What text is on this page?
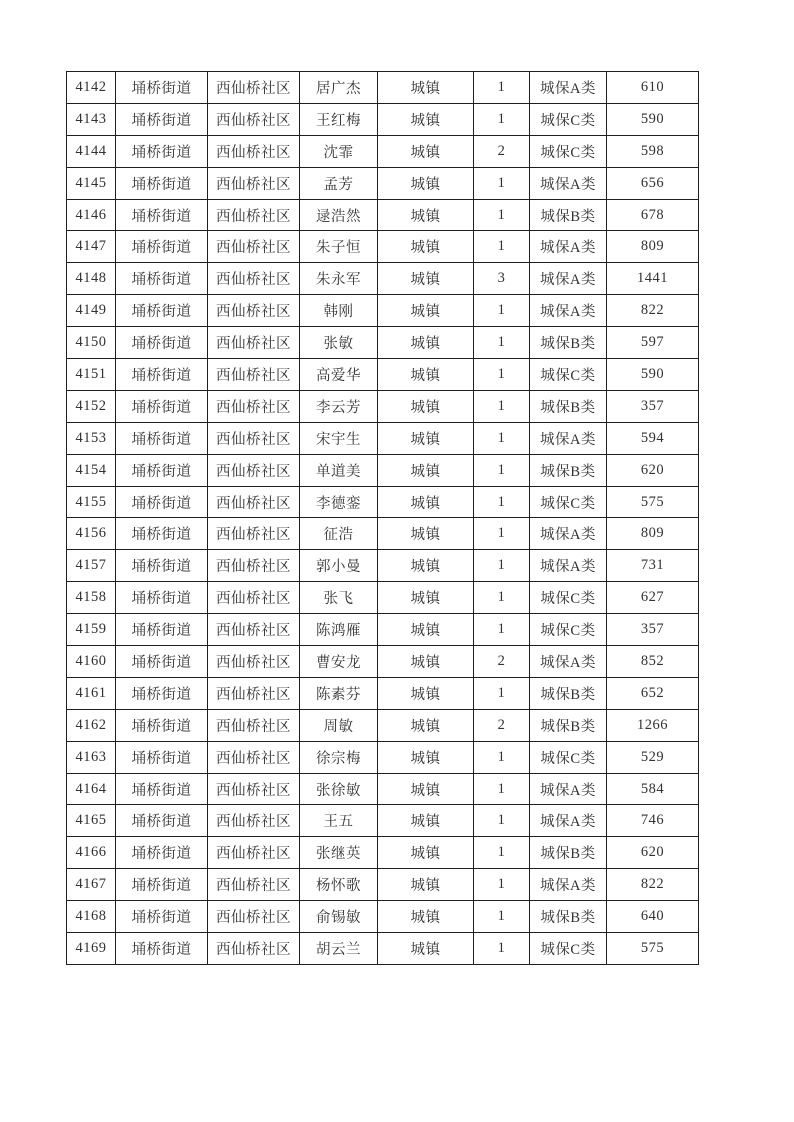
4142	埇桥街道	西仙桥社区	居广杰	城镇	1	城保A类	610
4143	埇桥街道	西仙桥社区	王红梅	城镇	1	城保C类	590
4144	埇桥街道	西仙桥社区	沈霏	城镇	2	城保C类	598
4145	埇桥街道	西仙桥社区	孟芳	城镇	1	城保A类	656
4146	埇桥街道	西仙桥社区	逯浩然	城镇	1	城保B类	678
4147	埇桥街道	西仙桥社区	朱子恒	城镇	1	城保A类	809
4148	埇桥街道	西仙桥社区	朱永军	城镇	3	城保A类	1441
4149	埇桥街道	西仙桥社区	韩刚	城镇	1	城保A类	822
4150	埇桥街道	西仙桥社区	张敏	城镇	1	城保B类	597
4151	埇桥街道	西仙桥社区	高爱华	城镇	1	城保C类	590
4152	埇桥街道	西仙桥社区	李云芳	城镇	1	城保B类	357
4153	埇桥街道	西仙桥社区	宋宇生	城镇	1	城保A类	594
4154	埇桥街道	西仙桥社区	单道美	城镇	1	城保B类	620
4155	埇桥街道	西仙桥社区	李德銮	城镇	1	城保C类	575
4156	埇桥街道	西仙桥社区	征浩	城镇	1	城保A类	809
4157	埇桥街道	西仙桥社区	郭小曼	城镇	1	城保A类	731
4158	埇桥街道	西仙桥社区	张飞	城镇	1	城保C类	627
4159	埇桥街道	西仙桥社区	陈鸿雁	城镇	1	城保C类	357
4160	埇桥街道	西仙桥社区	曹安龙	城镇	2	城保A类	852
4161	埇桥街道	西仙桥社区	陈素芬	城镇	1	城保B类	652
4162	埇桥街道	西仙桥社区	周敏	城镇	2	城保B类	1266
4163	埇桥街道	西仙桥社区	徐宗梅	城镇	1	城保C类	529
4164	埇桥街道	西仙桥社区	张徐敏	城镇	1	城保A类	584
4165	埇桥街道	西仙桥社区	王五	城镇	1	城保A类	746
4166	埇桥街道	西仙桥社区	张继英	城镇	1	城保B类	620
4167	埇桥街道	西仙桥社区	杨怀歌	城镇	1	城保A类	822
4168	埇桥街道	西仙桥社区	俞锡敏	城镇	1	城保B类	640
4169	埇桥街道	西仙桥社区	胡云兰	城镇	1	城保C类	575
